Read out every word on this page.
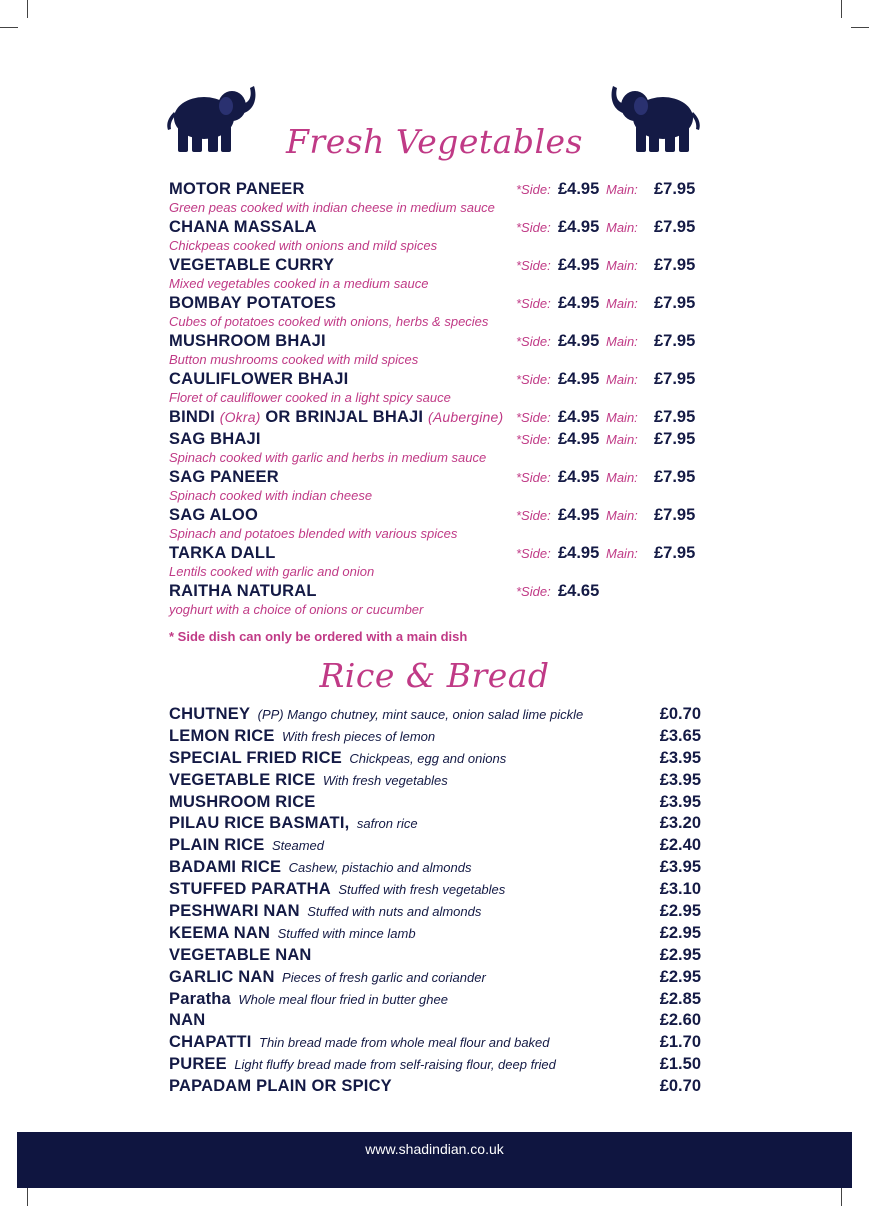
Fresh Vegetables
MOTOR PANEER	*Side: £4.95 Main: £7.95
Green peas cooked with indian cheese in medium sauce
CHANA MASSALA	*Side: £4.95 Main: £7.95
Chickpeas cooked with onions and mild spices
VEGETABLE CURRY	*Side: £4.95 Main: £7.95
Mixed vegetables cooked in a medium sauce
BOMBAY POTATOES	*Side: £4.95 Main: £7.95
Cubes of potatoes cooked with onions, herbs & species
MUSHROOM BHAJI	*Side: £4.95 Main: £7.95
Button mushrooms cooked with mild spices
CAULIFLOWER BHAJI	*Side: £4.95 Main: £7.95
Floret of cauliflower cooked in a light spicy sauce
BINDI (Okra) OR BRINJAL BHAJI (Aubergine) *Side: £4.95 Main: £7.95
SAG BHAJI	*Side: £4.95 Main: £7.95
Spinach cooked with garlic and herbs in medium sauce
SAG PANEER	*Side: £4.95 Main: £7.95
Spinach cooked with indian cheese
SAG ALOO	*Side: £4.95 Main: £7.95
Spinach and potatoes blended with various spices
TARKA DALL	*Side: £4.95 Main: £7.95
Lentils cooked with garlic and onion
RAITHA NATURAL	*Side: £4.65
yoghurt with a choice of onions or cucumber
* Side dish can only be ordered with a main dish
Rice & Bread
CHUTNEY (PP) Mango chutney, mint sauce, onion salad lime pickle	£0.70
LEMON RICE With fresh pieces of lemon	£3.65
SPECIAL FRIED RICE Chickpeas, egg and onions	£3.95
VEGETABLE RICE With fresh vegetables	£3.95
MUSHROOM RICE	£3.95
PILAU RICE BASMATI, safron rice	£3.20
PLAIN RICE Steamed	£2.40
BADAMI RICE Cashew, pistachio and almonds	£3.95
STUFFED PARATHA Stuffed with fresh vegetables	£3.10
PESHWARI NAN Stuffed with nuts and almonds	£2.95
KEEMA NAN Stuffed with mince lamb	£2.95
VEGETABLE NAN	£2.95
GARLIC NAN Pieces of fresh garlic and coriander	£2.95
Paratha Whole meal flour fried in butter ghee	£2.85
NAN	£2.60
CHAPATTI Thin bread made from whole meal flour and baked	£1.70
PUREE Light fluffy bread made from self-raising flour, deep fried	£1.50
PAPADAM PLAIN OR SPICY	£0.70
www.shadindian.co.uk
